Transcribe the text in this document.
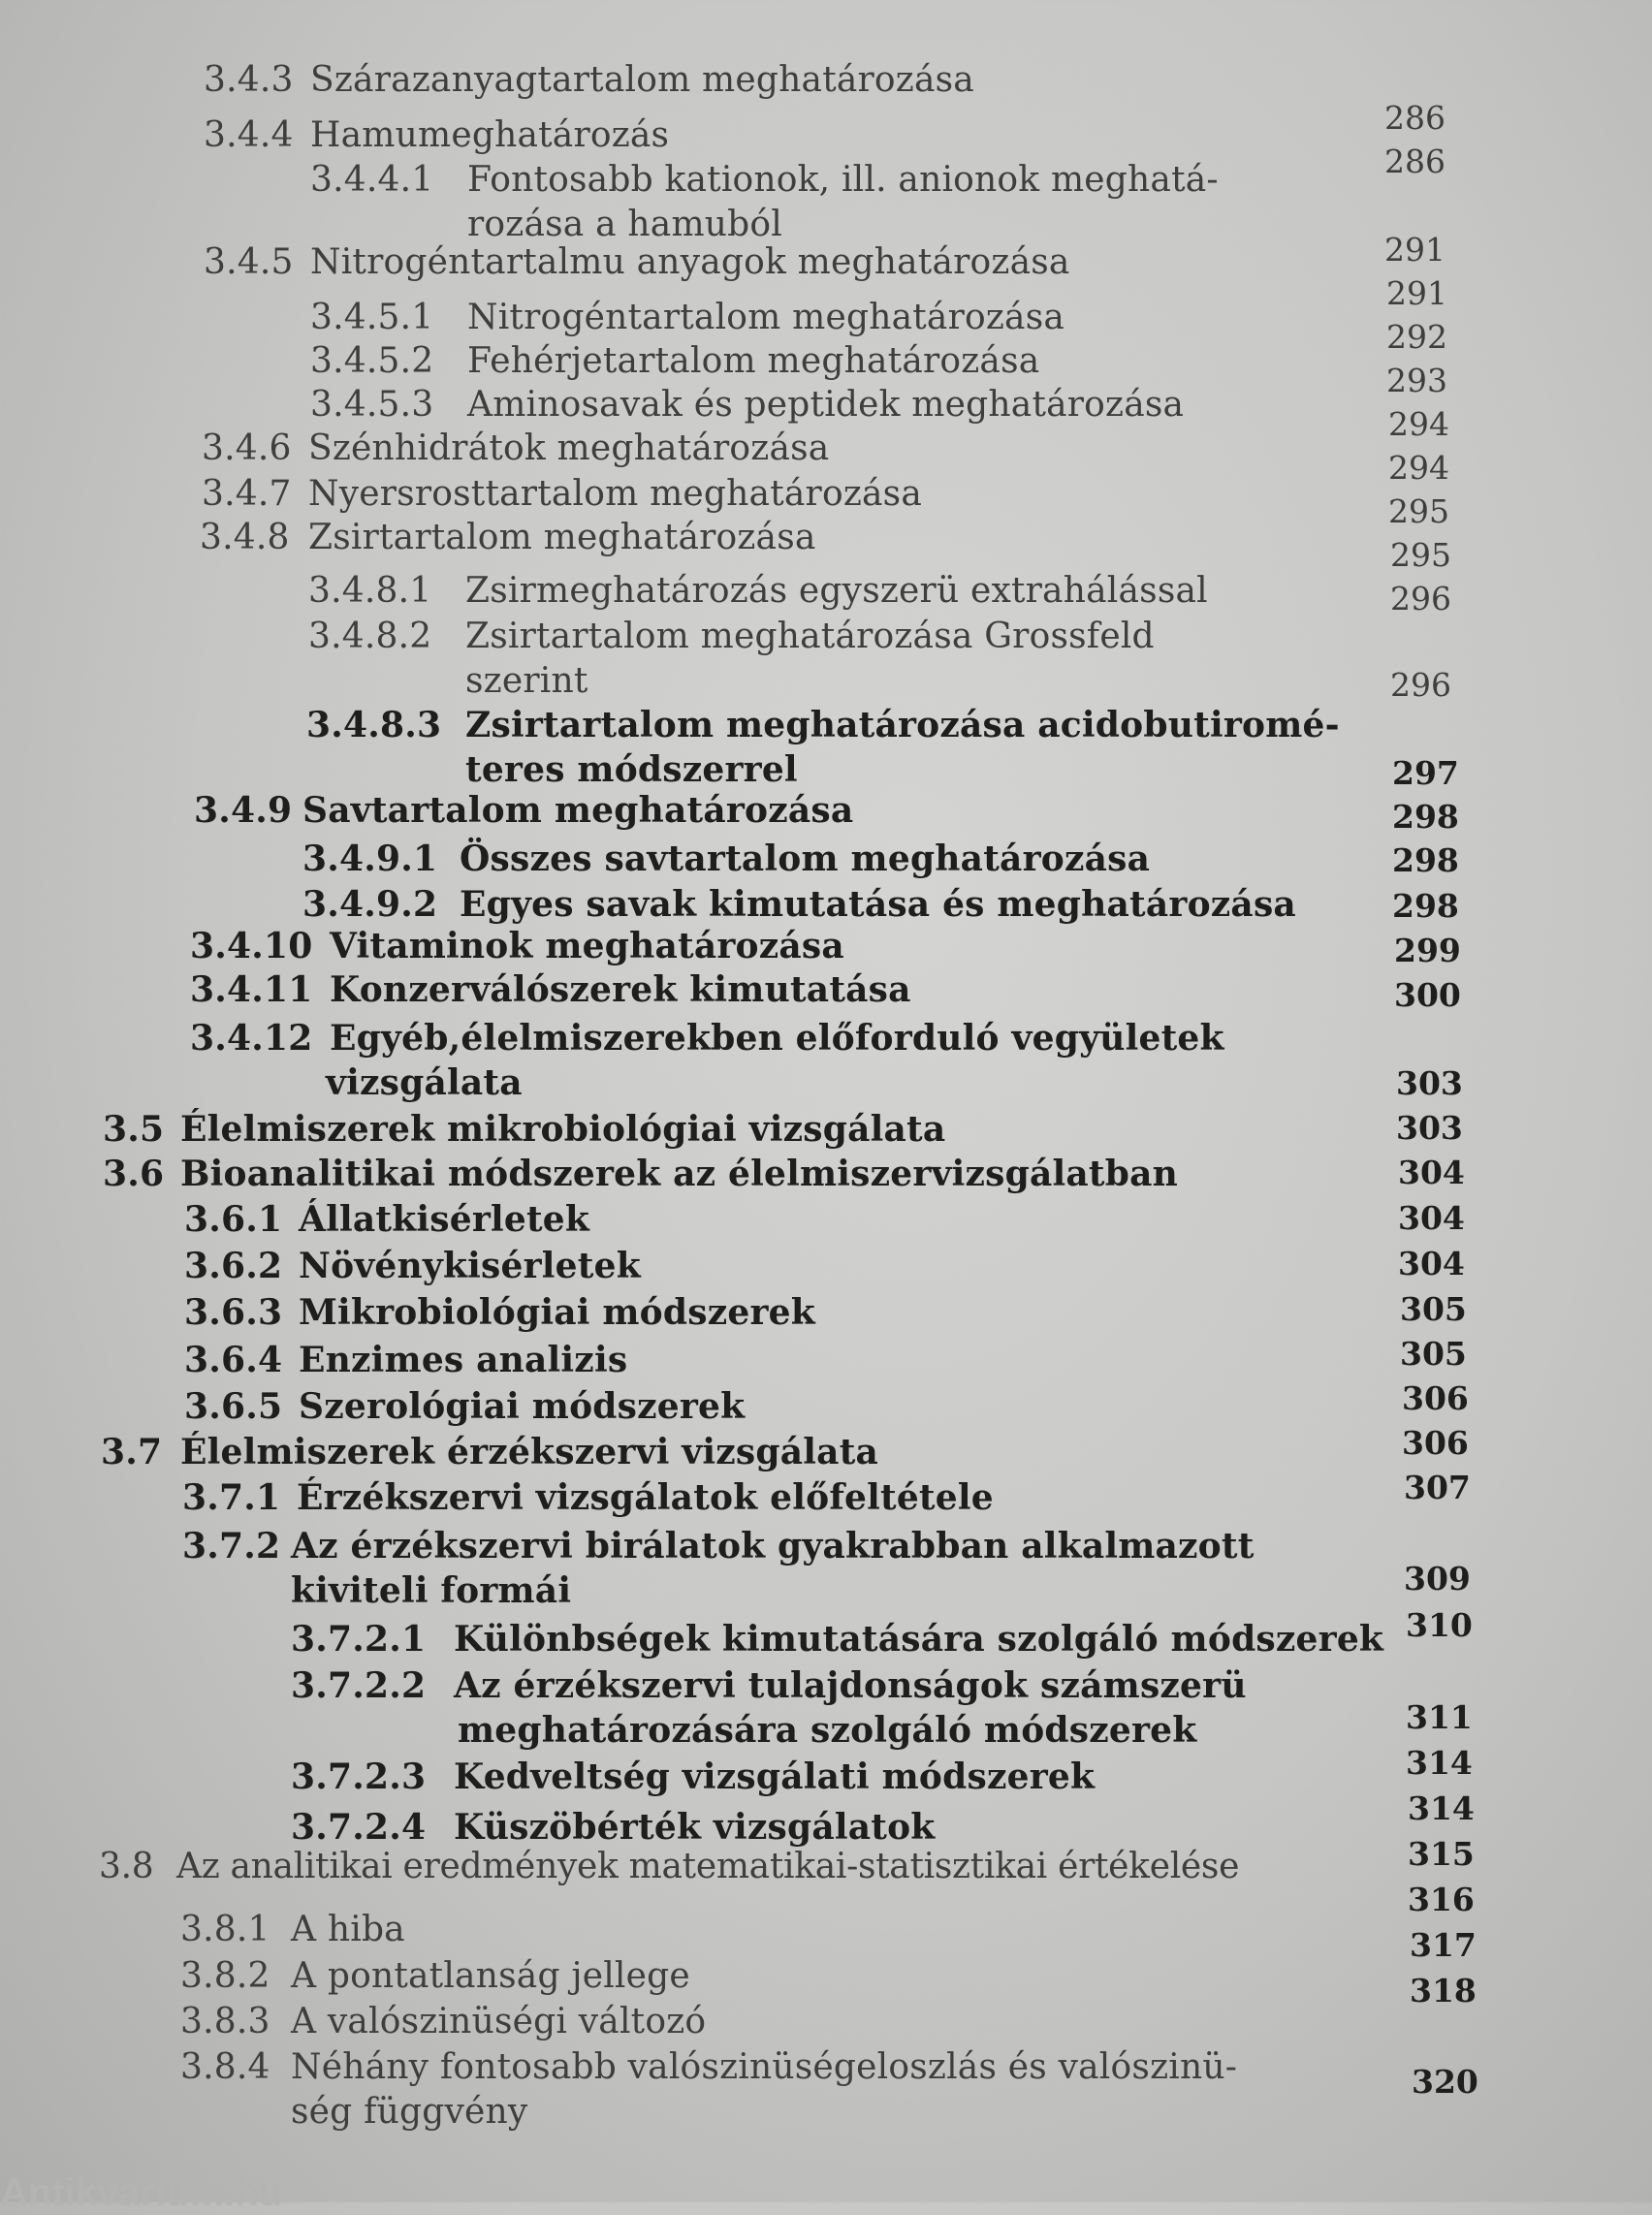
3.4.3 Szárazanyagtartalom meghatározása
3.4.4 Hamumeghatározás
3.4.4.1 Fontosabb kationok, ill. anionok meghatá-
rozása a hamuból
3.4.5 Nitrogéntartalmu anyagok meghatározása
3.4.5.1 Nitrogéntartalom meghatározása
3.4.5.2 Fehérjetartalom meghatározása
3.4.5.3 Aminosavak és peptidek meghatározása
3.4.6 Szénhidrátok meghatározása
3.4.7 Nyersrosttartalom meghatározása
3.4.8 Zsirtartalom meghatározása
3.4.8.1 Zsirmeghatározás egyszerü extrahálással
3.4.8.2 Zsirtartalom meghatározása Grossfeld
szerint
3.4.8.3 Zsirtartalom meghatározása acidobutiromé-
teres módszerrel
3.4.9 Savtartalom meghatározása
3.4.9.1 Összes savtartalom meghatározása
3.4.9.2 Egyes savak kimutatása és meghatározása
3.4.10 Vitaminok meghatározása
3.4.11 Konzerválószerek kimutatása
3.4.12 Egyéb,élelmiszerekben előforduló vegyületek
vizsgálata
3.5 Élelmiszerek mikrobiológiai vizsgálata
3.6 Bioanalitikai módszerek az élelmiszervizsgálatban
3.6.1 Állatkisérletek
3.6.2 Növénykisérletek
3.6.3 Mikrobiológiai módszerek
3.6.4 Enzimes analizis
3.6.5 Szerológiai módszerek
3.7 Élelmiszerek érzékszervi vizsgálata
3.7.1 Érzékszervi vizsgálatok előfeltétele
3.7.2 Az érzékszervi birálatok gyakrabban alkalmazott
kiviteli formái
3.7.2.1 Különbségek kimutatására szolgáló módszerek
3.7.2.2 Az érzékszervi tulajdonságok számszerü
meghatározására szolgáló módszerek
3.7.2.3 Kedveltség vizsgálati módszerek
3.7.2.4 Küszöbérték vizsgálatok
3.8 Az analitikai eredmények matematikai-statisztikai értékelése
3.8.1 A hiba
3.8.2 A pontatlanság jellege
3.8.3 A valószinüségi változó
3.8.4 Néhány fontosabb valószinüségeloszlás és valószinü-
ség függvény
286
286
291
291
292
293
294
294
295
295
296
296
297
298
298
298
299
300
303
303
304
304
304
305
305
306
306
307
309
310
311
314
314
315
316
317
318
320
Antikvarium.hu
